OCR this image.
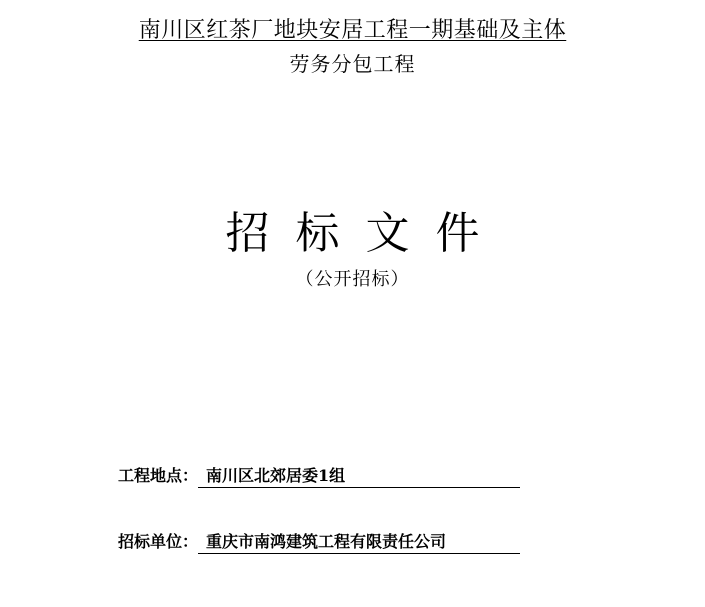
南川区红茶厂地块安居工程一期基础及主体
劳务分包工程
招标文件
（公开招标）
工程地点： 南川区北郊居委1组
招标单位： 重庆市南鸿建筑工程有限责任公司
